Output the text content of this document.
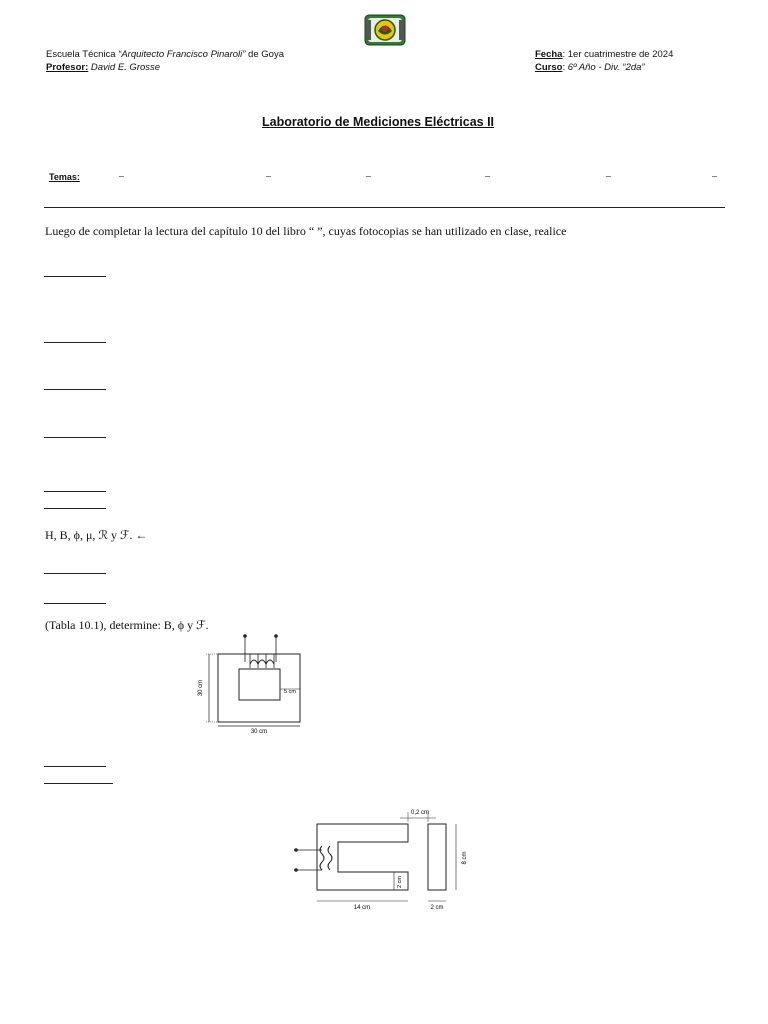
Escuela Técnica “Arquitecto Francisco Pinaroli” de Goya
Profesor: David E. Grosse
Fecha: 1er cuatrimestre de 2024
Curso: 6º Año - Div. “2da”
Laboratorio de Mediciones Eléctricas II
Temas:	–	–	–	–	–	–
Luego de completar la lectura del capítulo 10 del libro “ ”, cuyas fotocopias se han utilizado en clase, realice
H, B, ϕ, μ, ℛ y ℱ. ←
(Tabla 10.1), determine: B, ϕ y ℱ.
30 cm
30 cm
5 cm
0,2 cm
8 cm
2 cm
14 cm	2 cm
